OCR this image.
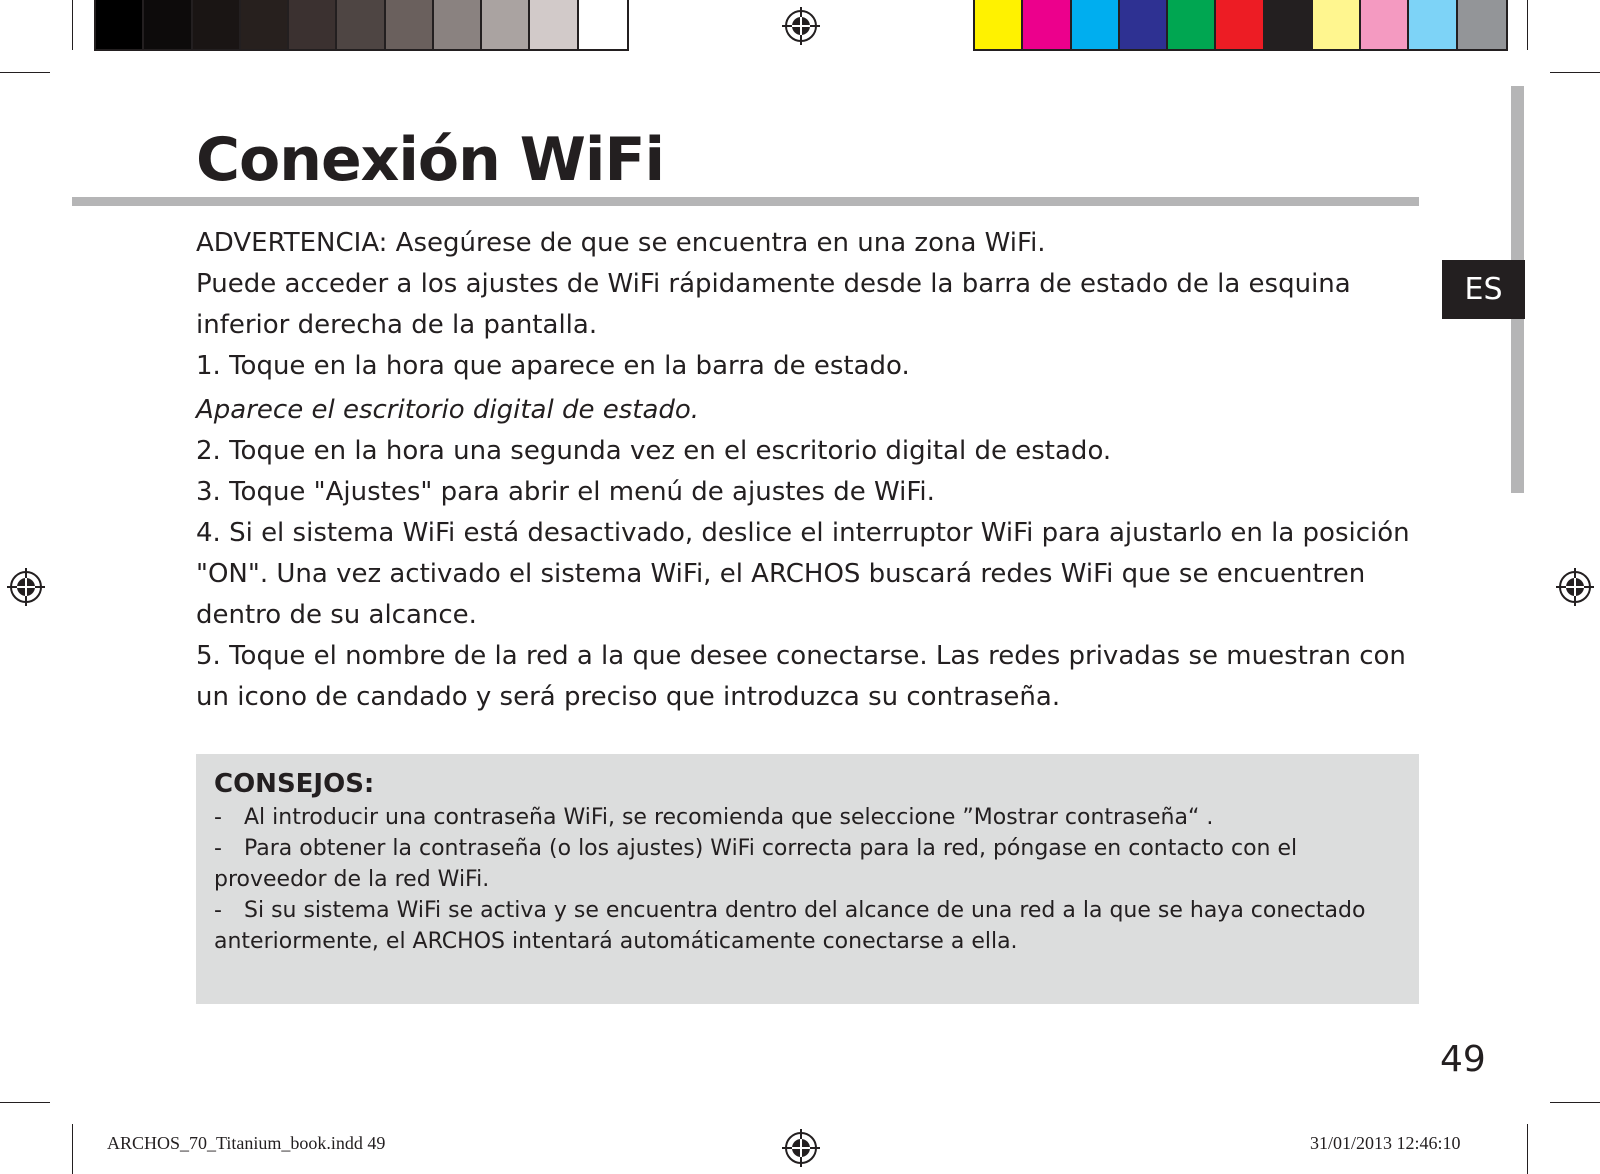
ES
Conexión WiFi

ADVERTENCIA: Asegúrese de que se encuentra en una zona WiFi.

Puede acceder a los ajustes de WiFi rápidamente desde la barra de estado de la esquina

inferior derecha de la pantalla.

1. Toque en la hora que aparece en la barra de estado.

Aparece el escritorio digital de estado.

2. Toque en la hora una segunda vez en el escritorio digital de estado.

3. Toque "Ajustes" para abrir el menú de ajustes de WiFi.

4. Si el sistema WiFi está desactivado, deslice el interruptor WiFi para ajustarlo en la posición "ON". Una vez activado el sistema WiFi, el ARCHOS buscará redes WiFi que se encuentren dentro de su alcance.

5. Toque el nombre de la red a la que desee conectarse. Las redes privadas se muestran con un icono de candado y será preciso que introduzca su contraseña.

CONSEJOS:

- Al introducir una contraseña WiFi, se recomienda que seleccione ”Mostrar contraseña“ .

- Para obtener la contraseña (o los ajustes) WiFi correcta para la red, póngase en contacto con el proveedor de la red WiFi.

- Si su sistema WiFi se activa y se encuentra dentro del alcance de una red a la que se haya conectado anteriormente, el ARCHOS intentará automáticamente conectarse a ella.

49
ARCHOS_70_Titanium_book.indd 49	31/01/2013 12:46:10
